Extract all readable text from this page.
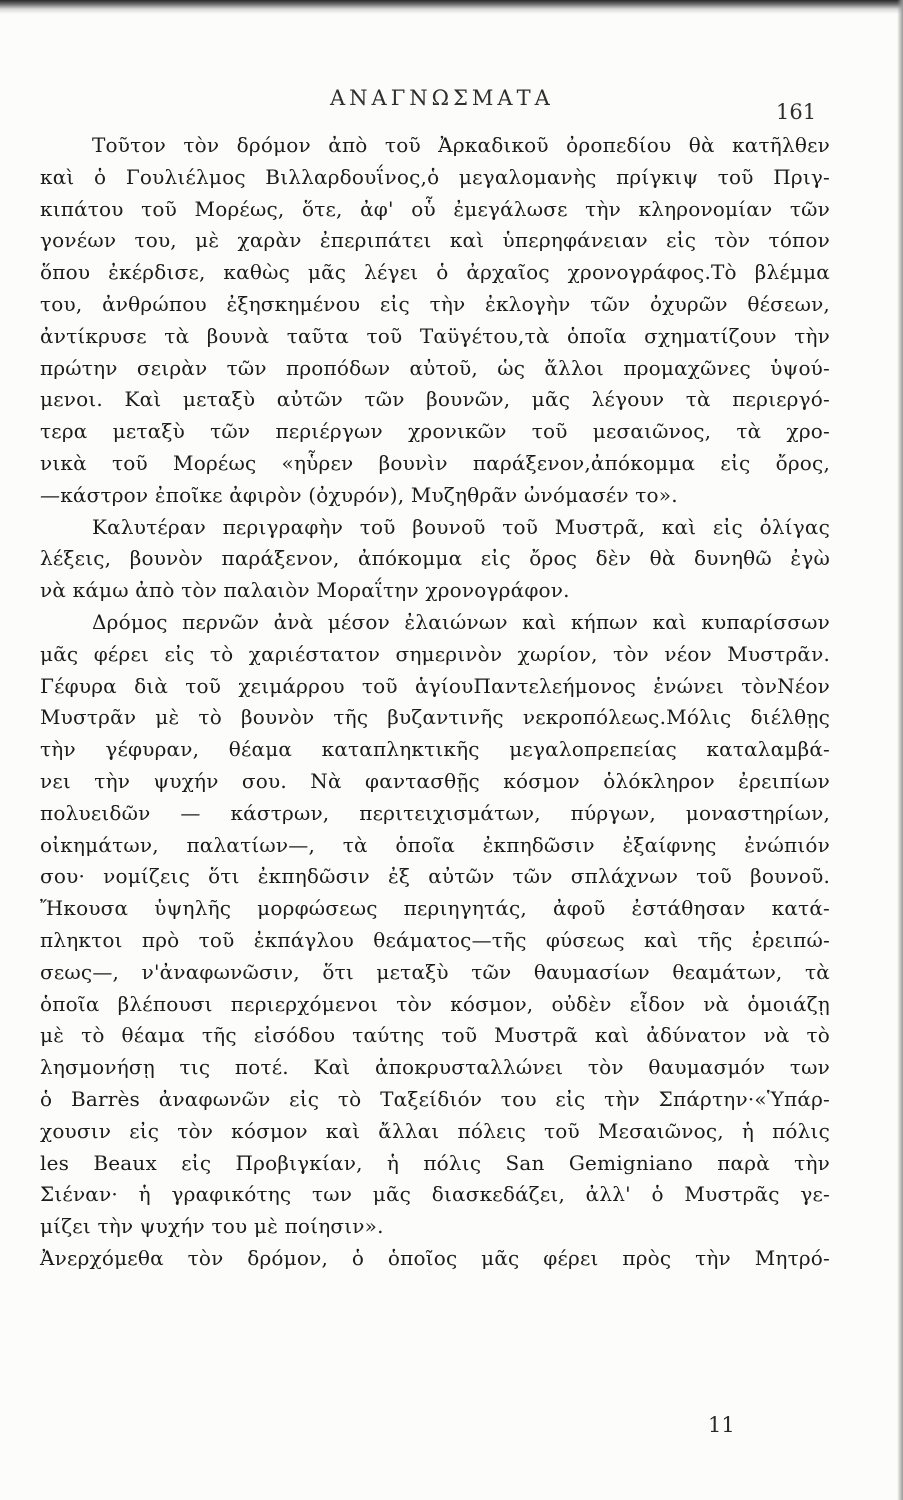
ΑΝΑΓΝΩΣΜΑΤΑ
161
Τοῦτον τὸν δρόμον ἀπὸ τοῦ Ἀρκαδικοῦ ὀροπεδίου θὰ κατῆλθεν
καὶ ὁ Γουλιέλμος Βιλλαρδουΐνος,ὁ μεγαλομανὴς πρίγκιψ τοῦ Πριγ-
κιπάτου τοῦ Μορέως, ὅτε, ἀφ' οὗ ἐμεγάλωσε τὴν κληρονομίαν τῶν
γονέων του, μὲ χαρὰν ἐπεριπάτει καὶ ὑπερηφάνειαν εἰς τὸν τόπον
ὅπου ἐκέρδισε, καθὼς μᾶς λέγει ὁ ἀρχαῖος χρονογράφος.Τὸ βλέμμα
του, ἀνθρώπου ἐξησκημένου εἰς τὴν ἐκλογὴν τῶν ὀχυρῶν θέσεων,
ἀντίκρυσε τὰ βουνὰ ταῦτα τοῦ Ταϋγέτου,τὰ ὁποῖα σχηματίζουν τὴν
πρώτην σειρὰν τῶν προπόδων αὐτοῦ, ὡς ἄλλοι προμαχῶνες ὑψού-
μενοι. Καὶ μεταξὺ αὐτῶν τῶν βουνῶν, μᾶς λέγουν τὰ περιεργό-
τερα μεταξὺ τῶν περιέργων χρονικῶν τοῦ μεσαιῶνος, τὰ χρο-
νικὰ τοῦ Μορέως «ηὗρεν βουνὶν παράξενον,ἀπόκομμα εἰς ὄρος,
—κάστρον ἐποῖκε ἀφιρὸν (ὀχυρόν), Μυζηθρᾶν ὠνόμασέν το».
Καλυτέραν περιγραφὴν τοῦ βουνοῦ τοῦ Μυστρᾶ, καὶ εἰς ὀλίγας
λέξεις, βουνὸν παράξενον, ἀπόκομμα εἰς ὄρος δὲν θὰ δυνηθῶ ἐγὼ
νὰ κάμω ἀπὸ τὸν παλαιὸν Μοραΐτην χρονογράφον.
Δρόμος περνῶν ἀνὰ μέσον ἐλαιώνων καὶ κήπων καὶ κυπαρίσσων
μᾶς φέρει εἰς τὸ χαριέστατον σημερινὸν χωρίον, τὸν νέον Μυστρᾶν.
Γέφυρα διὰ τοῦ χειμάρρου τοῦ ἁγίουΠαντελεήμονος ἑνώνει τὸνΝέον
Μυστρᾶν μὲ τὸ βουνὸν τῆς βυζαντινῆς νεκροπόλεως.Μόλις διέλθῃς
τὴν γέφυραν, θέαμα καταπληκτικῆς μεγαλοπρεπείας καταλαμβά-
νει τὴν ψυχήν σου. Νὰ φαντασθῇς κόσμον ὁλόκληρον ἐρειπίων
πολυειδῶν — κάστρων, περιτειχισμάτων, πύργων, μοναστηρίων,
οἰκημάτων, παλατίων—, τὰ ὁποῖα ἐκπηδῶσιν ἐξαίφνης ἐνώπιόν
σου· νομίζεις ὅτι ἐκπηδῶσιν ἐξ αὐτῶν τῶν σπλάχνων τοῦ βουνοῦ.
Ἤκουσα ὑψηλῆς μορφώσεως περιηγητάς, ἀφοῦ ἐστάθησαν κατά-
πληκτοι πρὸ τοῦ ἐκπάγλου θεάματος—τῆς φύσεως καὶ τῆς ἐρειπώ-
σεως—, ν'ἀναφωνῶσιν, ὅτι μεταξὺ τῶν θαυμασίων θεαμάτων, τὰ
ὁποῖα βλέπουσι περιερχόμενοι τὸν κόσμον, οὐδὲν εἶδον νὰ ὁμοιάζῃ
μὲ τὸ θέαμα τῆς εἰσόδου ταύτης τοῦ Μυστρᾶ καὶ ἀδύνατον νὰ τὸ
λησμονήσῃ τις ποτέ. Καὶ ἀποκρυσταλλώνει τὸν θαυμασμόν των
ὁ Barrès ἀναφωνῶν εἰς τὸ Ταξείδιόν του εἰς τὴν Σπάρτην·«Ὑπάρ-
χουσιν εἰς τὸν κόσμον καὶ ἄλλαι πόλεις τοῦ Μεσαιῶνος, ἡ πόλις
les Beaux εἰς Προβιγκίαν, ἡ πόλις San Gemigniano παρὰ τὴν
Σιέναν· ἡ γραφικότης των μᾶς διασκεδάζει, ἀλλ' ὁ Μυστρᾶς γε-
μίζει τὴν ψυχήν του μὲ ποίησιν».
Ἀνερχόμεθα τὸν δρόμον, ὁ ὁποῖος μᾶς φέρει πρὸς τὴν Μητρό-
11
